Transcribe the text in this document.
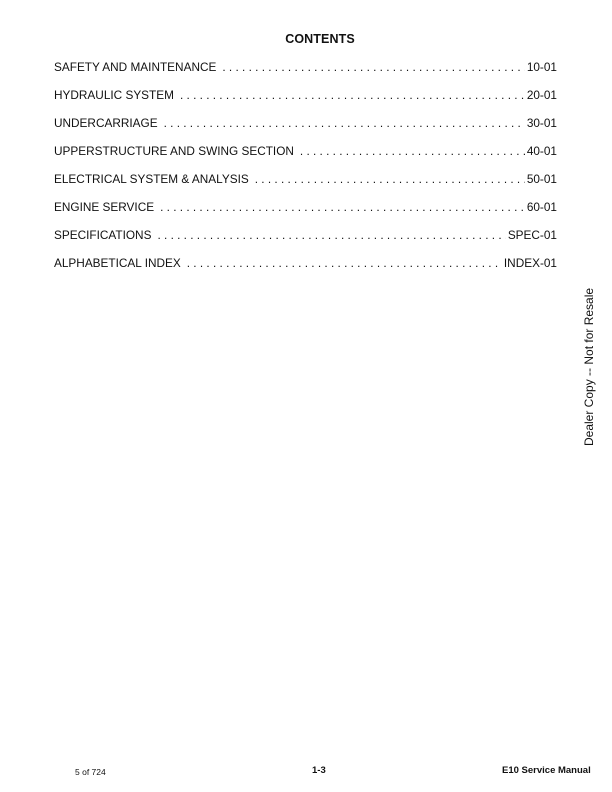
CONTENTS
SAFETY AND MAINTENANCE . . .	10-01
HYDRAULIC SYSTEM . . .	20-01
UNDERCARRIAGE . . .	30-01
UPPERSTRUCTURE AND SWING SECTION . . .	40-01
ELECTRICAL SYSTEM & ANALYSIS . . .	50-01
ENGINE SERVICE . . .	60-01
SPECIFICATIONS . . .	SPEC-01
ALPHABETICAL INDEX . . .	INDEX-01
Dealer Copy -- Not for Resale
5 of 724	1-3	E10 Service Manual
